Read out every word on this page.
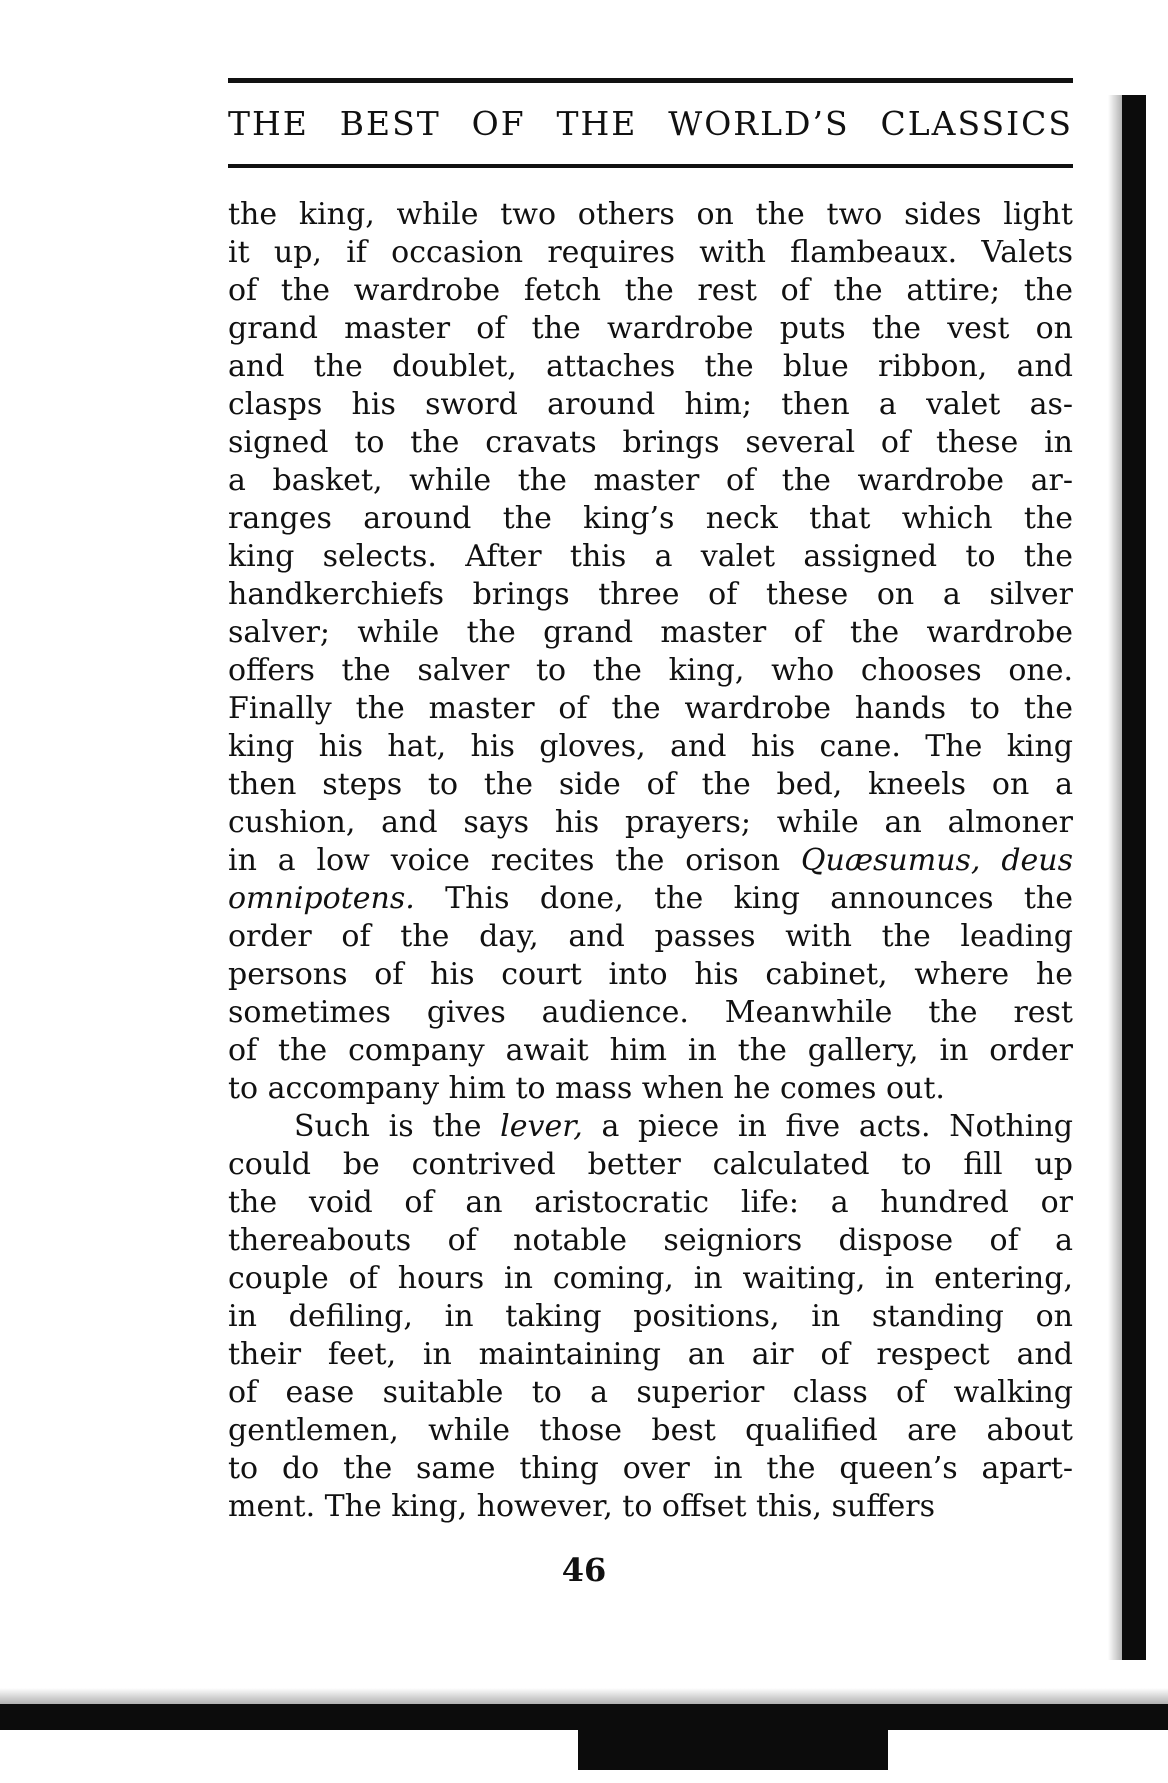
THE BEST OF THE WORLD’S CLASSICS
the king, while two others on the two sides light
it up, if occasion requires with flambeaux. Valets
of the wardrobe fetch the rest of the attire; the
grand master of the wardrobe puts the vest on
and the doublet, attaches the blue ribbon, and
clasps his sword around him; then a valet as-
signed to the cravats brings several of these in
a basket, while the master of the wardrobe ar-
ranges around the king’s neck that which the
king selects. After this a valet assigned to the
handkerchiefs brings three of these on a silver
salver; while the grand master of the wardrobe
offers the salver to the king, who chooses one.
Finally the master of the wardrobe hands to the
king his hat, his gloves, and his cane. The king
then steps to the side of the bed, kneels on a
cushion, and says his prayers; while an almoner
in a low voice recites the orison Quæsumus, deus
omnipotens. This done, the king announces the
order of the day, and passes with the leading
persons of his court into his cabinet, where he
sometimes gives audience. Meanwhile the rest
of the company await him in the gallery, in order
to accompany him to mass when he comes out.
Such is the lever, a piece in five acts. Nothing
could be contrived better calculated to fill up
the void of an aristocratic life: a hundred or
thereabouts of notable seigniors dispose of a
couple of hours in coming, in waiting, in entering,
in defiling, in taking positions, in standing on
their feet, in maintaining an air of respect and
of ease suitable to a superior class of walking
gentlemen, while those best qualified are about
to do the same thing over in the queen’s apart-
ment. The king, however, to offset this, suffers
46
